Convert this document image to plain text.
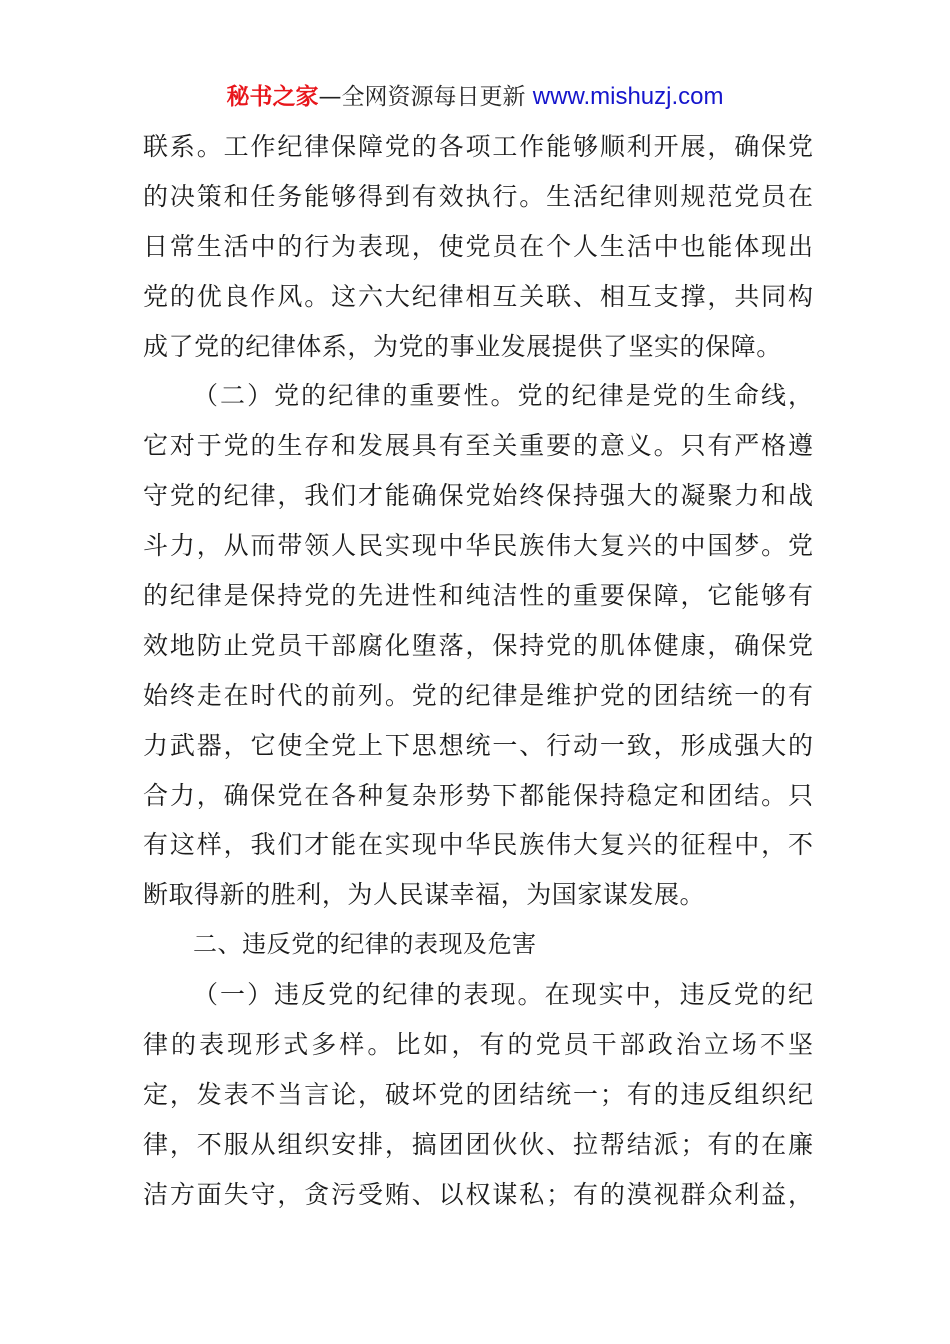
秘书之家—全网资源每日更新 www.mishuzj.com
联系。工作纪律保障党的各项工作能够顺利开展，确保党
的决策和任务能够得到有效执行。生活纪律则规范党员在
日常生活中的行为表现，使党员在个人生活中也能体现出
党的优良作风。这六大纪律相互关联、相互支撑，共同构
成了党的纪律体系，为党的事业发展提供了坚实的保障。
（二）党的纪律的重要性。党的纪律是党的生命线，
它对于党的生存和发展具有至关重要的意义。只有严格遵
守党的纪律，我们才能确保党始终保持强大的凝聚力和战
斗力，从而带领人民实现中华民族伟大复兴的中国梦。党
的纪律是保持党的先进性和纯洁性的重要保障，它能够有
效地防止党员干部腐化堕落，保持党的肌体健康，确保党
始终走在时代的前列。党的纪律是维护党的团结统一的有
力武器，它使全党上下思想统一、行动一致，形成强大的
合力，确保党在各种复杂形势下都能保持稳定和团结。只
有这样，我们才能在实现中华民族伟大复兴的征程中，不
断取得新的胜利，为人民谋幸福，为国家谋发展。
二、违反党的纪律的表现及危害
（一）违反党的纪律的表现。在现实中，违反党的纪
律的表现形式多样。比如，有的党员干部政治立场不坚
定，发表不当言论，破坏党的团结统一；有的违反组织纪
律，不服从组织安排，搞团团伙伙、拉帮结派；有的在廉
洁方面失守，贪污受贿、以权谋私；有的漠视群众利益，
